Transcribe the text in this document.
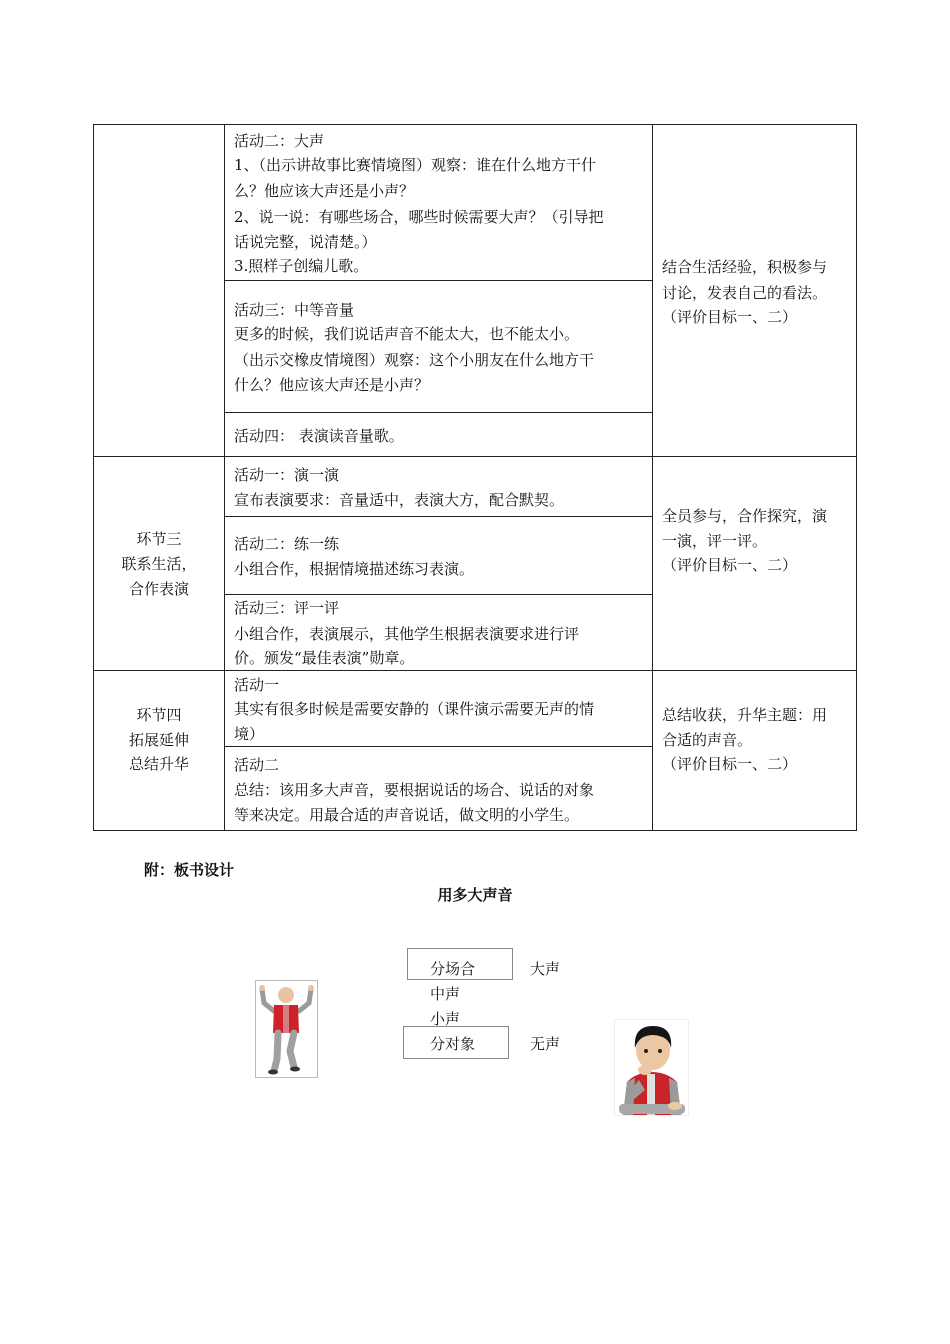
活动二：大声
1、（出示讲故事比赛情境图）观察：谁在什么地方干什
么？他应该大声还是小声？
2、说一说：有哪些场合，哪些时候需要大声？（引导把
话说完整，说清楚。）
3.照样子创编儿歌。
活动三：中等音量
更多的时候，我们说话声音不能太大，也不能太小。
（出示交橡皮情境图）观察：这个小朋友在什么地方干
什么？他应该大声还是小声？
活动四： 表演读音量歌。
结合生活经验，积极参与
讨论，发表自己的看法。
（评价目标一、二）
环节三
联系生活，
合作表演
活动一：演一演
宣布表演要求：音量适中，表演大方，配合默契。
活动二：练一练
小组合作，根据情境描述练习表演。
活动三：评一评
小组合作，表演展示，其他学生根据表演要求进行评
价。颁发“最佳表演”勋章。
全员参与，合作探究，演
一演，评一评。
（评价目标一、二）
环节四
拓展延伸
总结升华
活动一
其实有很多时候是需要安静的（课件演示需要无声的情
境）
活动二
总结：该用多大声音，要根据说话的场合、说话的对象
等来决定。用最合适的声音说话，做文明的小学生。
总结收获，升华主题：用
合适的声音。
（评价目标一、二）
附：板书设计
用多大声音
分场合	大声
中声
小声
分对象	无声
